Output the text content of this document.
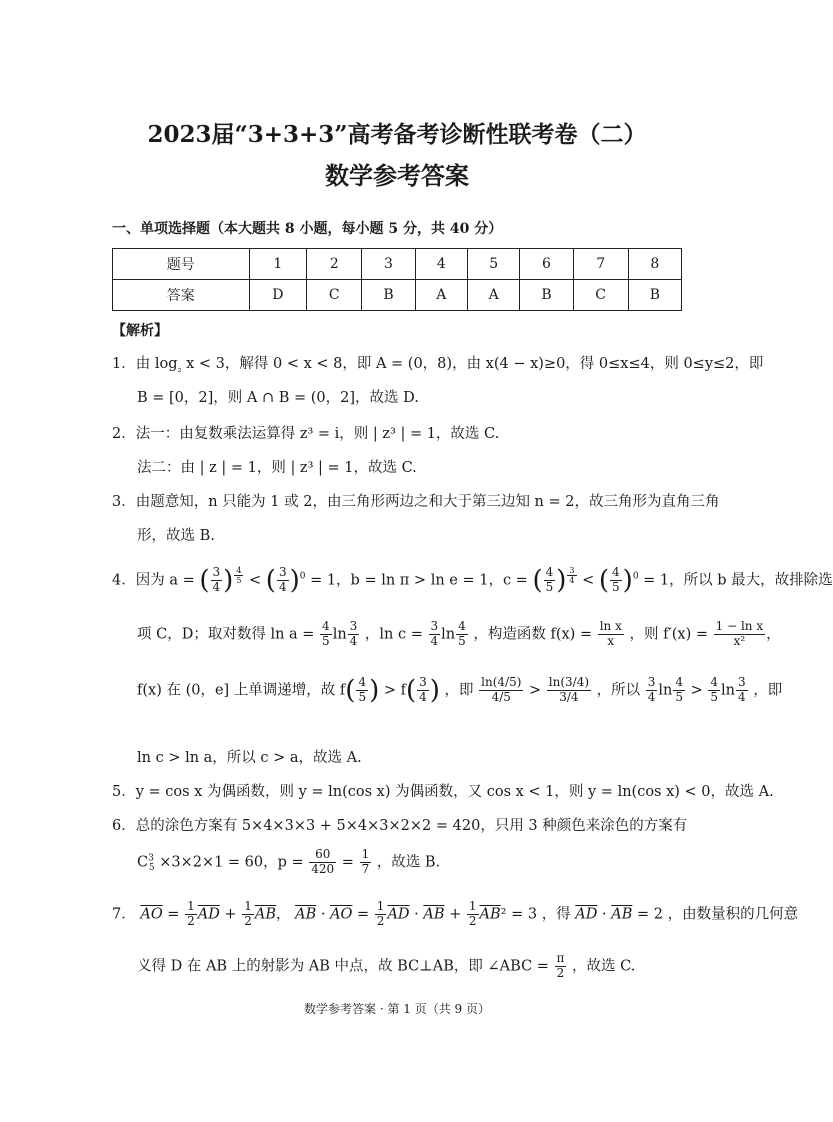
2023届“3+3+3”高考备考诊断性联考卷（二）
数学参考答案
一、单项选择题（本大题共 8 小题，每小题 5 分，共 40 分）
题号	1	2	3	4	5	6	7	8
答案	D	C	B	A	A	B	C	B
【解析】
1．由 $\log_{_2} x < 3$，解得 0 < x < 8，即 A = (0，8)，由 x(4 − x)≥0，得 0≤x≤4，则 0≤y≤2，即
B = [0，2]，则 A ∩ B = (0，2]，故选 D.
2．法一：由复数乘法运算得 z³ = i，则 | z³ | = 1，故选 C.
法二：由 | z | = 1，则 | z³ | = 1，故选 C.
3．由题意知，n 只能为 1 或 2，由三角形两边之和大于第三边知 n = 2，故三角形为直角三角
形，故选 B.
4．因为 a = ( $\frac{3}{4}$ ) $^{\frac{4}{5}}$ < ( $\frac{3}{4} )^0 = 1$，b = ln π > ln e = 1，c = ( $\frac{4}{5}$ ) $^{\frac{3}{4}}$ < ( $\frac{4}{5} )^0 = 1$，所以 b 最大，故排除选
项 C，D；取对数得 $\ln a = \frac{4}{5}$ $\ln \frac{3}{4}$ ，$\ln c = \frac{3}{4}$ $\ln \frac{4}{5}$ ，构造函数 $f(x) = \frac{\text{ln x}}{x}$ ，则 $f'(x) = \frac{\text{1 − ln x}}{\text{x²}}$ ，
f(x) 在 (0，e] 上单调递增，故 $f( \frac{4}{5}$ ) > $f( \frac{3}{4}$ ) ，即 $\frac{\ln(4/5)}{4/5} > \frac{\ln(3/4)}{3/4}$ ，所以 $\frac{3}{4}$ $\ln \frac{4}{5} > \frac{4}{5}$ $\ln \frac{3}{4}$ ，即
ln c > ln a，所以 c > a，故选 A.
5．y = cos x 为偶函数，则 y = ln(cos x) 为偶函数，又 cos x < 1，则 y = ln(cos x) < 0，故选 A.
6．总的涂色方案有 5×4×3×3 + 5×4×3×2×2 = 420，只用 3 种颜色来涂色的方案有
$C^3_5 \times 3\times 2\times 1 = 60$，$p = \frac{60}{420} = \frac{1}{7}$ ，故选 B.
7． $\overline{AO} = \frac{1}{2} \overline{AD} + \frac{1}{2} \overline{AB}$， $\overline{AB} \cdot \overline{AO} = \frac{1}{2} \overline{AD} \cdot \overline{AB} + \frac{1}{2} \overline{AB}^2 = 3$ ，得 $\overline{AD} \cdot \overline{AB} = 2$ ，由数量积的几何意
义得 D 在 AB 上的射影为 AB 中点，故 BC⊥AB，即 ∠ABC = $\frac{\pi}{2}$ ，故选 C.
数学参考答案 · 第 1 页（共 9 页）
